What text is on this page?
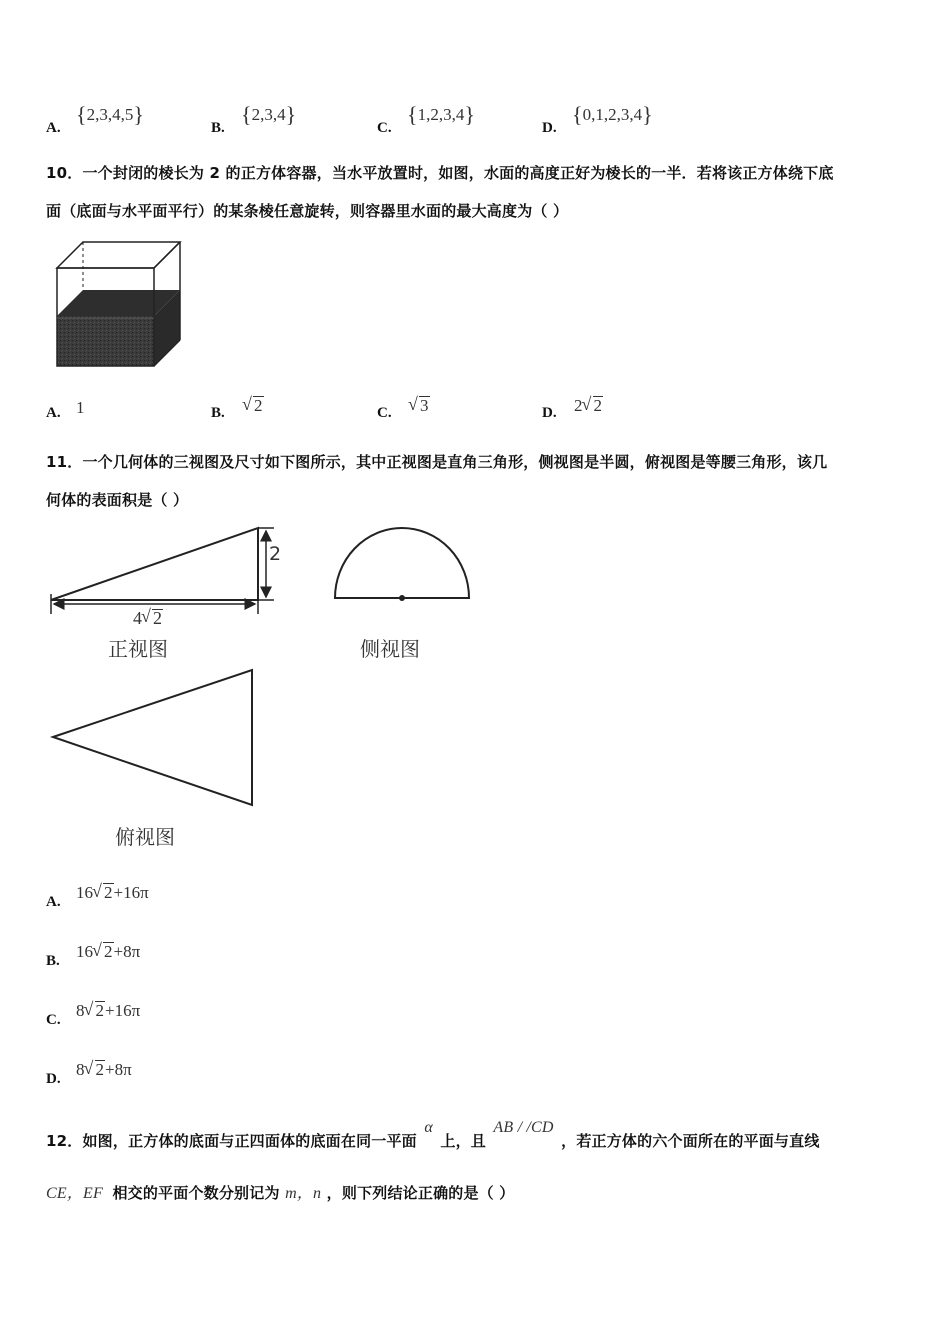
A.
{2,3,4,5}
B.
{2,3,4}
C.
{1,2,3,4}
D.
{0,1,2,3,4}
10．一个封闭的棱长为 2 的正方体容器，当水平放置时，如图，水面的高度正好为棱长的一半．若将该正方体绕下底
面（底面与水平面平行）的某条棱任意旋转，则容器里水面的最大高度为（ ）
A. 1	B.	√ 2	C.	√ 3	D. 2 √ 2
11．一个几何体的三视图及尺寸如下图所示，其中正视图是直角三角形，侧视图是半圆，俯视图是等腰三角形，该几
何体的表面积是（ ）
2
4 √ 2
正视图	侧视图
俯视图
A. 16 √ 2+16π
B. 16 √ 2+8π
C. 8 √ 2+16π
D. 8 √ 2+8π
12．如图，正方体的底面与正四面体的底面在同一平面 α 上，且 AB / /CD ，若正方体的六个面所在的平面与直线
CE，EF 相交的平面个数分别记为 m，n ，则下列结论正确的是（ ）
